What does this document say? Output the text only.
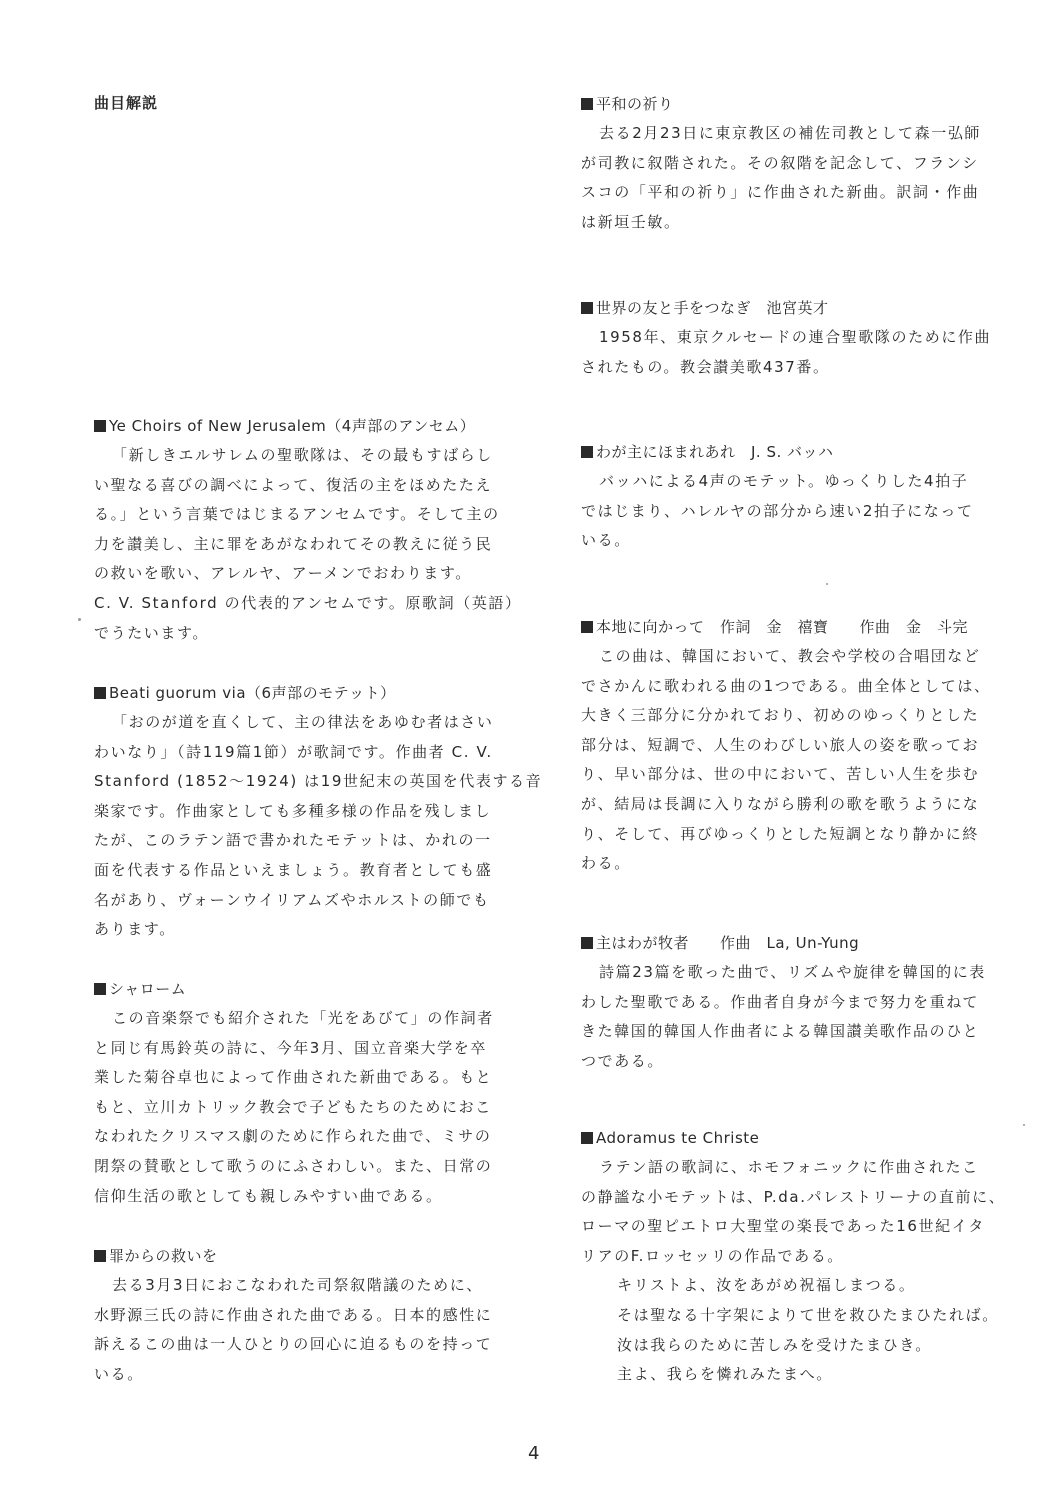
曲目解説
Ye Choirs of New Jerusalem（4声部のアンセム）
「新しきエルサレムの聖歌隊は、その最もすばらし
い聖なる喜びの調べによって、復活の主をほめたたえ
る。」という言葉ではじまるアンセムです。そして主の
力を讃美し、主に罪をあがなわれてその教えに従う民
の救いを歌い、アレルヤ、アーメンでおわります。
C. V. Stanford の代表的アンセムです。原歌詞（英語）
でうたいます。
Beati guorum via（6声部のモテット）
「おのが道を直くして、主の律法をあゆむ者はさい
わいなり」（詩119篇1節）が歌詞です。作曲者 C. V.
Stanford (1852～1924) は19世紀末の英国を代表する音
楽家です。作曲家としても多種多様の作品を残しまし
たが、このラテン語で書かれたモテットは、かれの一
面を代表する作品といえましょう。教育者としても盛
名があり、ヴォーンウイリアムズやホルストの師でも
あります。
シャローム
この音楽祭でも紹介された「光をあびて」の作詞者
と同じ有馬鈴英の詩に、今年3月、国立音楽大学を卒
業した菊谷卓也によって作曲された新曲である。もと
もと、立川カトリック教会で子どもたちのためにおこ
なわれたクリスマス劇のために作られた曲で、ミサの
閉祭の賛歌として歌うのにふさわしい。また、日常の
信仰生活の歌としても親しみやすい曲である。
罪からの救いを
去る3月3日におこなわれた司祭叙階議のために、
水野源三氏の詩に作曲された曲である。日本的感性に
訴えるこの曲は一人ひとりの回心に迫るものを持って
いる。
平和の祈り
去る2月23日に東京教区の補佐司教として森一弘師
が司教に叙階された。その叙階を記念して、フランシ
スコの「平和の祈り」に作曲された新曲。訳詞・作曲
は新垣壬敏。
世界の友と手をつなぎ　池宮英才
1958年、東京クルセードの連合聖歌隊のために作曲
されたもの。教会讃美歌437番。
わが主にほまれあれ　J. S. バッハ
バッハによる4声のモテット。ゆっくりした4拍子
ではじまり、ハレルヤの部分から速い2拍子になって
いる。
本地に向かって　作詞　金　禧寶　　作曲　金　斗完
この曲は、韓国において、教会や学校の合唱団など
でさかんに歌われる曲の1つである。曲全体としては、
大きく三部分に分かれており、初めのゆっくりとした
部分は、短調で、人生のわびしい旅人の姿を歌ってお
り、早い部分は、世の中において、苦しい人生を歩む
が、結局は長調に入りながら勝利の歌を歌うようにな
り、そして、再びゆっくりとした短調となり静かに終
わる。
主はわが牧者　　作曲　La, Un-Yung
詩篇23篇を歌った曲で、リズムや旋律を韓国的に表
わした聖歌である。作曲者自身が今まで努力を重ねて
きた韓国的韓国人作曲者による韓国讃美歌作品のひと
つである。
Adoramus te Christe
ラテン語の歌詞に、ホモフォニックに作曲されたこ
の静謐な小モテットは、P.da.パレストリーナの直前に、
ローマの聖ピエトロ大聖堂の楽長であった16世紀イタ
リアのF.ロッセッリの作品である。
キリストよ、汝をあがめ祝福しまつる。
そは聖なる十字架によりて世を救ひたまひたれば。
汝は我らのために苦しみを受けたまひき。
主よ、我らを憐れみたまへ。
4
